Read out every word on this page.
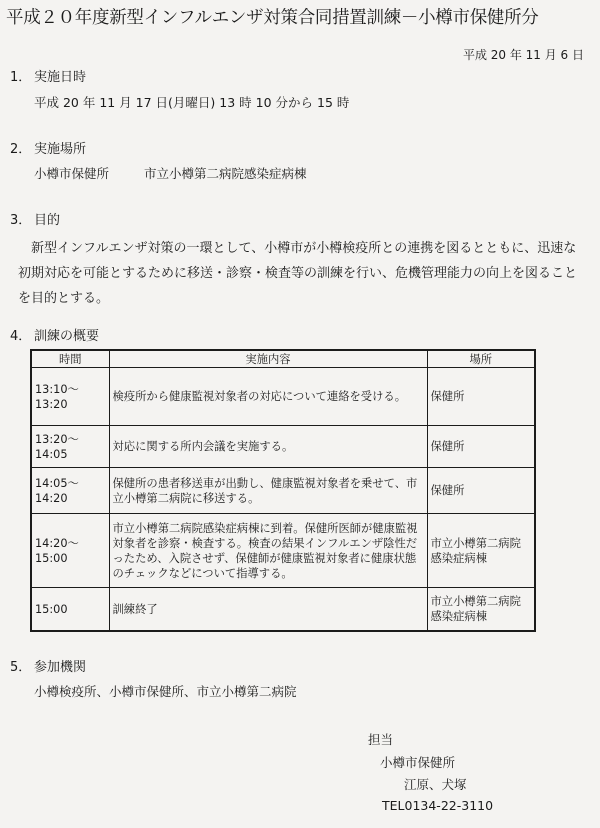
平成２０年度新型インフルエンザ対策合同措置訓練－小樽市保健所分
平成 20 年 11 月 6 日
1． 実施日時
平成 20 年 11 月 17 日(月曜日) 13 時 10 分から 15 時
2． 実施場所
小樽市保健所	市立小樽第二病院感染症病棟
3． 目的
新型インフルエンザ対策の一環として、小樽市が小樽検疫所との連携を図るとともに、迅速な初期対応を可能とするために移送・診察・検査等の訓練を行い、危機管理能力の向上を図ることを目的とする。
4． 訓練の概要
時間	実施内容	場所
13:10～13:20	検疫所から健康監視対象者の対応について連絡を受ける。	保健所
13:20～14:05	対応に関する所内会議を実施する。	保健所
14:05～14:20	保健所の患者移送車が出動し、健康監視対象者を乗せて、市立小樽第二病院に移送する。	保健所
14:20～15:00	市立小樽第二病院感染症病棟に到着。保健所医師が健康監視対象者を診察・検査する。検査の結果インフルエンザ陰性だったため、入院させず、保健師が健康監視対象者に健康状態のチェックなどについて指導する。	市立小樽第二病院感染症病棟
15:00	訓練終了	市立小樽第二病院感染症病棟
5． 参加機関
小樽検疫所、小樽市保健所、市立小樽第二病院
担当
小樽市保健所
江原、犬塚
TEL0134-22-3110
